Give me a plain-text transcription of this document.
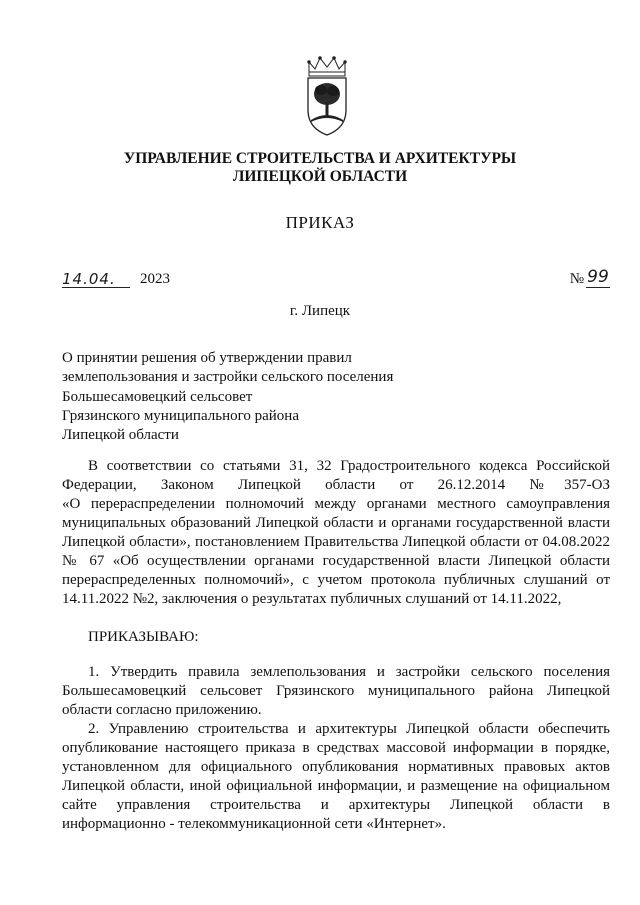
УПРАВЛЕНИЕ СТРОИТЕЛЬСТВА И АРХИТЕКТУРЫ
ЛИПЕЦКОЙ ОБЛАСТИ
ПРИКАЗ
14.04.	2023	№ 99
г. Липецк
О принятии решения об утверждении правил
землепользования и застройки сельского поселения
Большесамовецкий сельсовет
Грязинского муниципального района
Липецкой области
В соответствии со статьями 31, 32 Градостроительного кодекса Российской
Федерации, Законом Липецкой области от 26.12.2014 №357-ОЗ
«О перераспределении полномочий между органами местного самоуправления
муниципальных образований Липецкой области и органами государственной власти
Липецкой области», постановлением Правительства Липецкой области от 04.08.2022
№ 67 «Об осуществлении органами государственной власти Липецкой области
перераспределенных полномочий», с учетом протокола публичных слушаний от
14.11.2022 №2, заключения о результатах публичных слушаний от 14.11.2022,
ПРИКАЗЫВАЮ:
1. Утвердить правила землепользования и застройки сельского поселения
Большесамовецкий сельсовет Грязинского муниципального района Липецкой
области согласно приложению.
2. Управлению строительства и архитектуры Липецкой области обеспечить
опубликование настоящего приказа в средствах массовой информации в порядке,
установленном для официального опубликования нормативных правовых актов
Липецкой области, иной официальной информации, и размещение на официальном
сайте управления строительства и архитектуры Липецкой области в
информационно - телекоммуникационной сети «Интернет».
